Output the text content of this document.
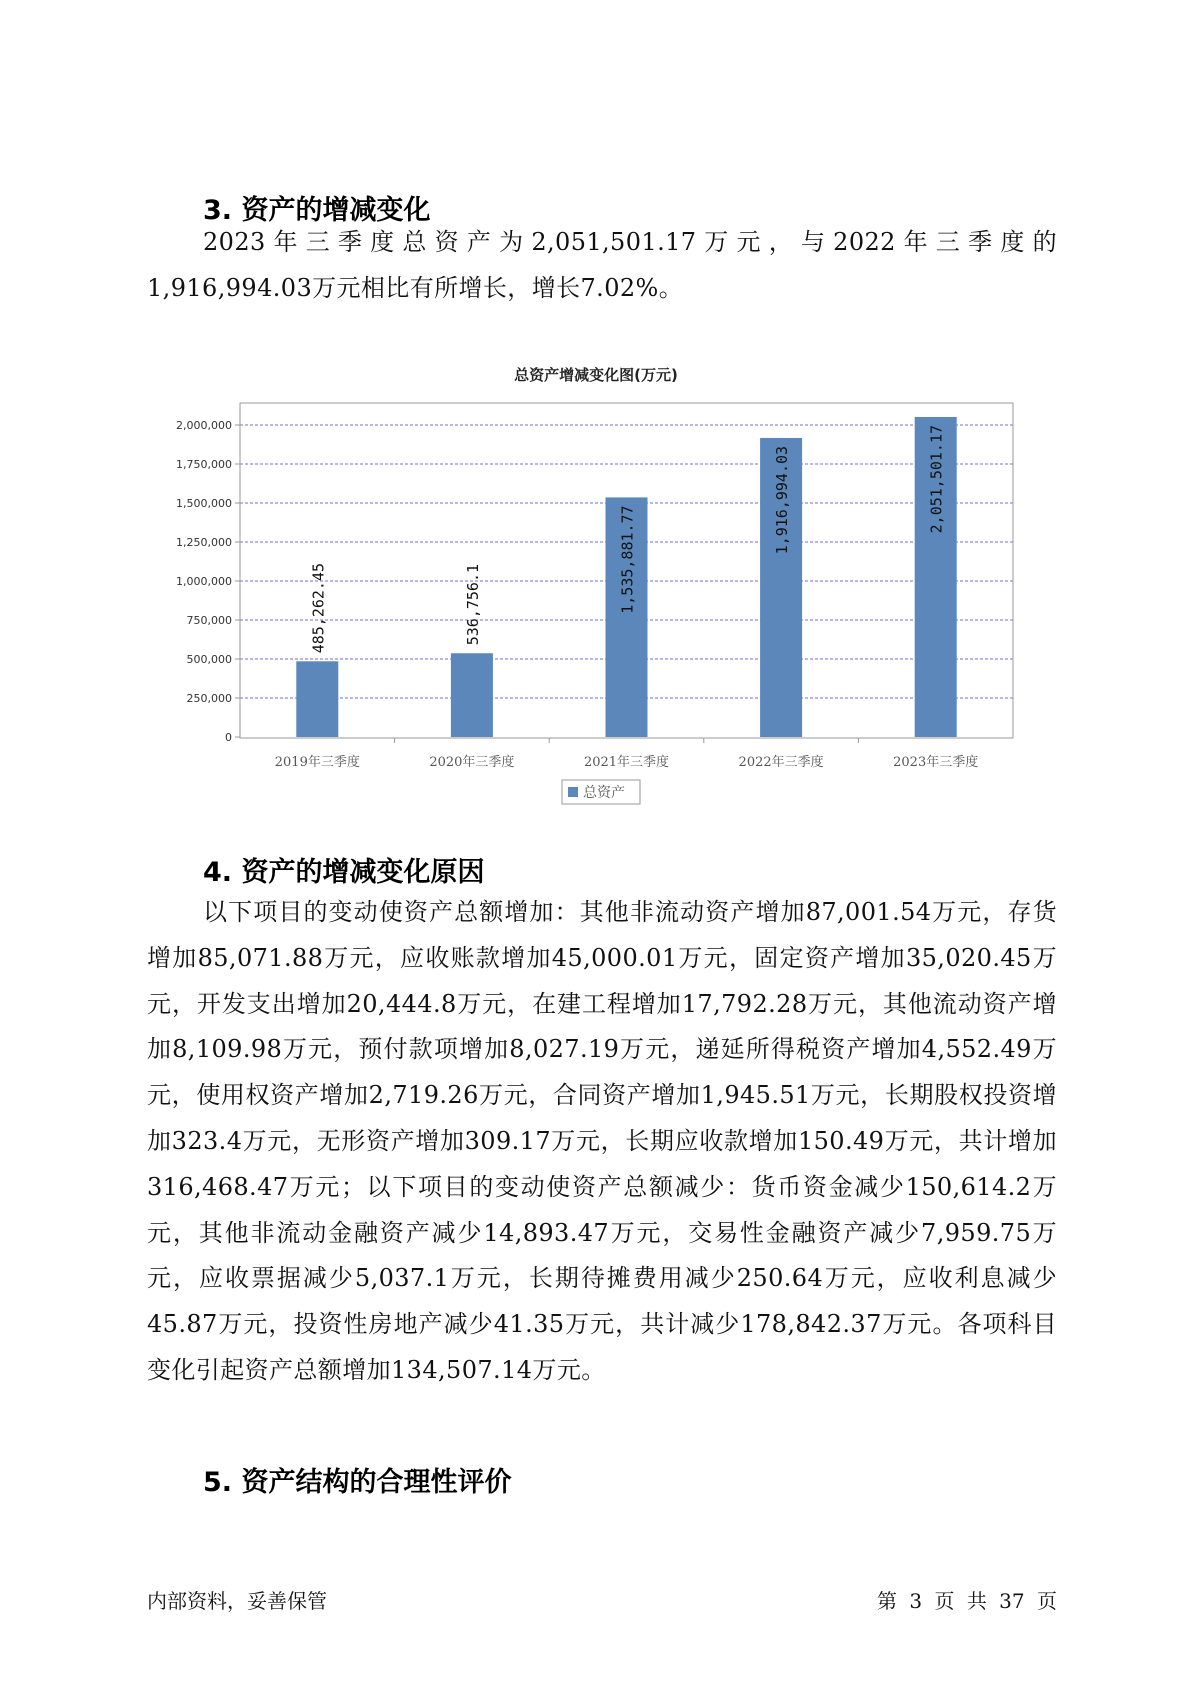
3. 资产的增减变化

2023年三季度总资产为2,051,501.17万元，与2022年三季度的1,916,994.03万元相比有所增长，增长7.02%。

总资产增减变化图(万元)
0
250,000
500,000
750,000
1,000,000
1,250,000
1,500,000
1,750,000
2,000,000
485,262.45	536,756.1	1,535,881.77
1,916,994.03	2,051,501.17
2019年三季度	2020年三季度	2021年三季度	2022年三季度	2023年三季度
总资产
4. 资产的增减变化原因

以下项目的变动使资产总额增加：其他非流动资产增加87,001.54万元，存货增加85,071.88万元，应收账款增加45,000.01万元，固定资产增加35,020.45万元，开发支出增加20,444.8万元，在建工程增加17,792.28万元，其他流动资产增加8,109.98万元，预付款项增加8,027.19万元，递延所得税资产增加4,552.49万元，使用权资产增加2,719.26万元，合同资产增加1,945.51万元，长期股权投资增加323.4万元，无形资产增加309.17万元，长期应收款增加150.49万元，共计增加316,468.47万元；以下项目的变动使资产总额减少：货币资金减少150,614.2万元，其他非流动金融资产减少14,893.47万元，交易性金融资产减少7,959.75万元，应收票据减少5,037.1万元，长期待摊费用减少250.64万元，应收利息减少45.87万元，投资性房地产减少41.35万元，共计减少178,842.37万元。各项科目变化引起资产总额增加134,507.14万元。

5. 资产结构的合理性评价
内部资料，妥善保管	第 3 页 共 37 页
